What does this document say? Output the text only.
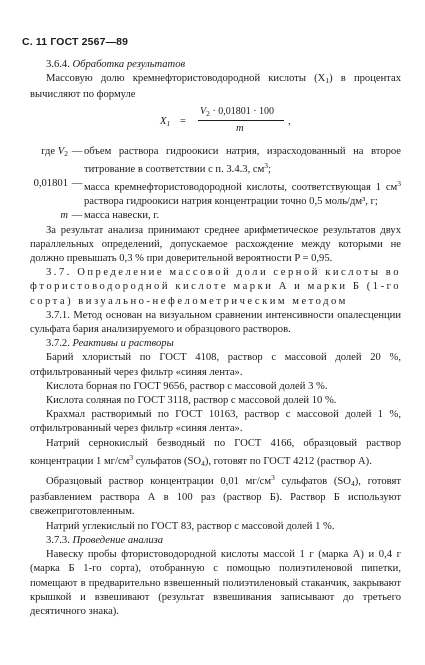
С. 11 ГОСТ 2567—89

3.6.4. Обработка результатов

Массовую долю кремнефтористоводородной кислоты $(X_1)$ в процентах вычисляют по формуле

$X_1$ =
$V_2 \cdot 0,01801 \cdot 100$
m
,
где $V_2$ — объем раствора гидроокиси натрия, израсходованный на второе титрование в соответствии с п. 3.4.3, $см^3$;
0,01801 — масса кремнефтористоводородной кислоты, соответствующая 1 $см^3$ раствора гидроокиси натрия концентрации точно 0,5 моль/дм³, г;
m — масса навески, г.

За результат анализа принимают среднее арифметическое результатов двух параллельных определений, допускаемое расхождение между которыми не должно превышать 0,3 % при доверительной вероятности P = 0,95.

3.7. Определение массовой доли серной кислоты во фтористоводородной кислоте марки А и марки Б (1-го сорта) визуально-нефелометрическим методом

3.7.1. Метод основан на визуальном сравнении интенсивности опалесценции сульфата бария анализируемого и образцового растворов.

3.7.2. Реактивы и растворы

Барий хлористый по ГОСТ 4108, раствор с массовой долей 20 %, отфильтрованный через фильтр «синяя лента».

Кислота борная по ГОСТ 9656, раствор с массовой долей 3 %.

Кислота соляная по ГОСТ 3118, раствор с массовой долей 10 %.

Крахмал растворимый по ГОСТ 10163, раствор с массовой долей 1 %, отфильтрованный через фильтр «синяя лента».

Натрий сернокислый безводный по ГОСТ 4166, образцовый раствор концентрации 1 $мг/см^3$ сульфатов $(SO_4)$, готовят по ГОСТ 4212 (раствор А).

Образцовый раствор концентрации 0,01 $мг/см^3$ сульфатов $(SO_4)$, готовят разбавлением раствора А в 100 раз (раствор Б). Раствор Б используют свежеприготовленным.

Натрий углекислый по ГОСТ 83, раствор с массовой долей 1 %.

3.7.3. Проведение анализа

Навеску пробы фтористоводородной кислоты массой 1 г (марка А) и 0,4 г (марка Б 1-го сорта), отобранную с помощью полиэтиленовой пипетки, помещают в предварительно взвешенный полиэтиленовый стаканчик, закрывают крышкой и взвешивают (результат взвешивания записывают до третьего десятичного знака).
